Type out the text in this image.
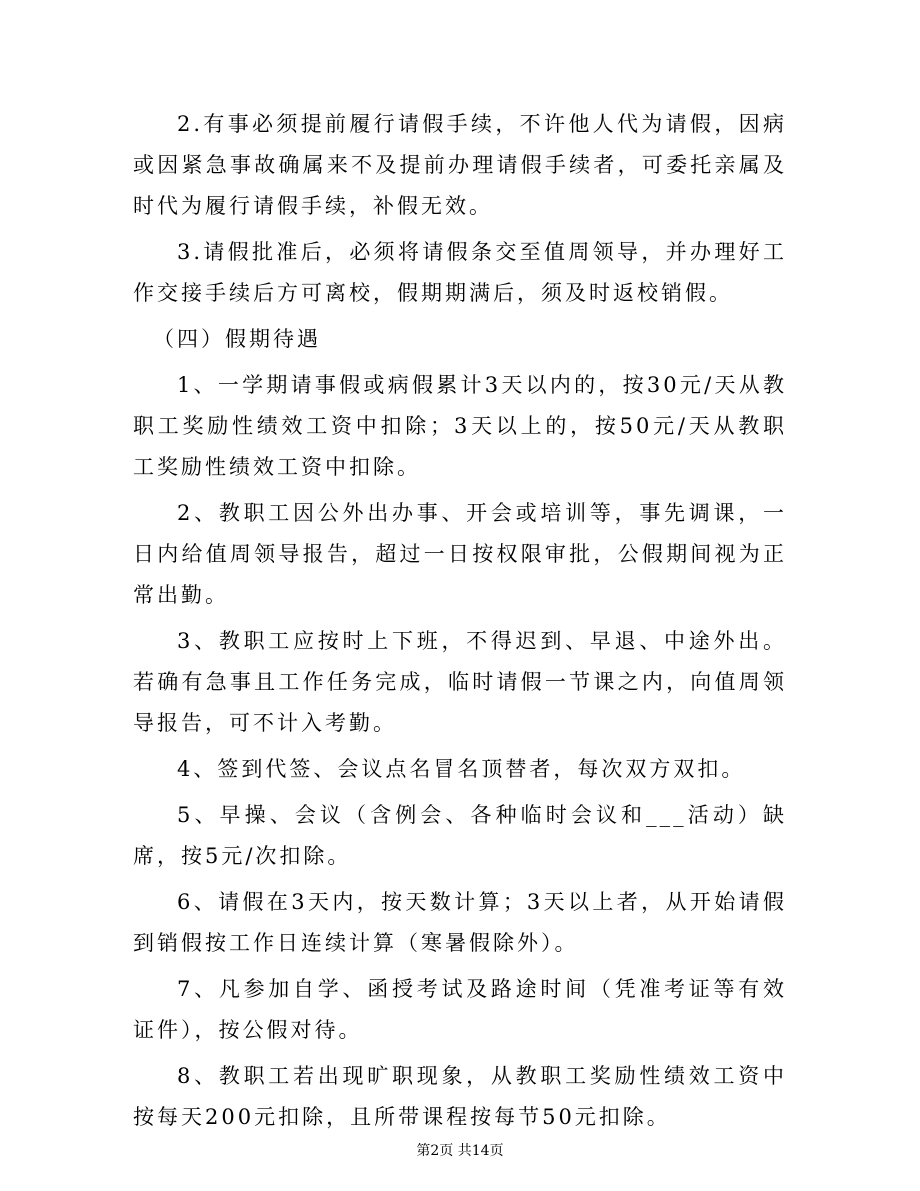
2.有事必须提前履行请假手续，不许他人代为请假，因病或因紧急事故确属来不及提前办理请假手续者，可委托亲属及时代为履行请假手续，补假无效。

3.请假批准后，必须将请假条交至值周领导，并办理好工作交接手续后方可离校，假期期满后，须及时返校销假。

（四）假期待遇

1、一学期请事假或病假累计3天以内的，按30元/天从教职工奖励性绩效工资中扣除；3天以上的，按50元/天从教职工奖励性绩效工资中扣除。

2、教职工因公外出办事、开会或培训等，事先调课，一日内给值周领导报告，超过一日按权限审批，公假期间视为正常出勤。

3、教职工应按时上下班，不得迟到、早退、中途外出。若确有急事且工作任务完成，临时请假一节课之内，向值周领导报告，可不计入考勤。

4、签到代签、会议点名冒名顶替者，每次双方双扣。

5、早操、会议（含例会、各种临时会议和___活动）缺席，按5元/次扣除。

6、请假在3天内，按天数计算；3天以上者，从开始请假到销假按工作日连续计算（寒暑假除外）。

7、凡参加自学、函授考试及路途时间（凭准考证等有效证件），按公假对待。

8、教职工若出现旷职现象，从教职工奖励性绩效工资中按每天200元扣除，且所带课程按每节50元扣除。

第2页 共14页
